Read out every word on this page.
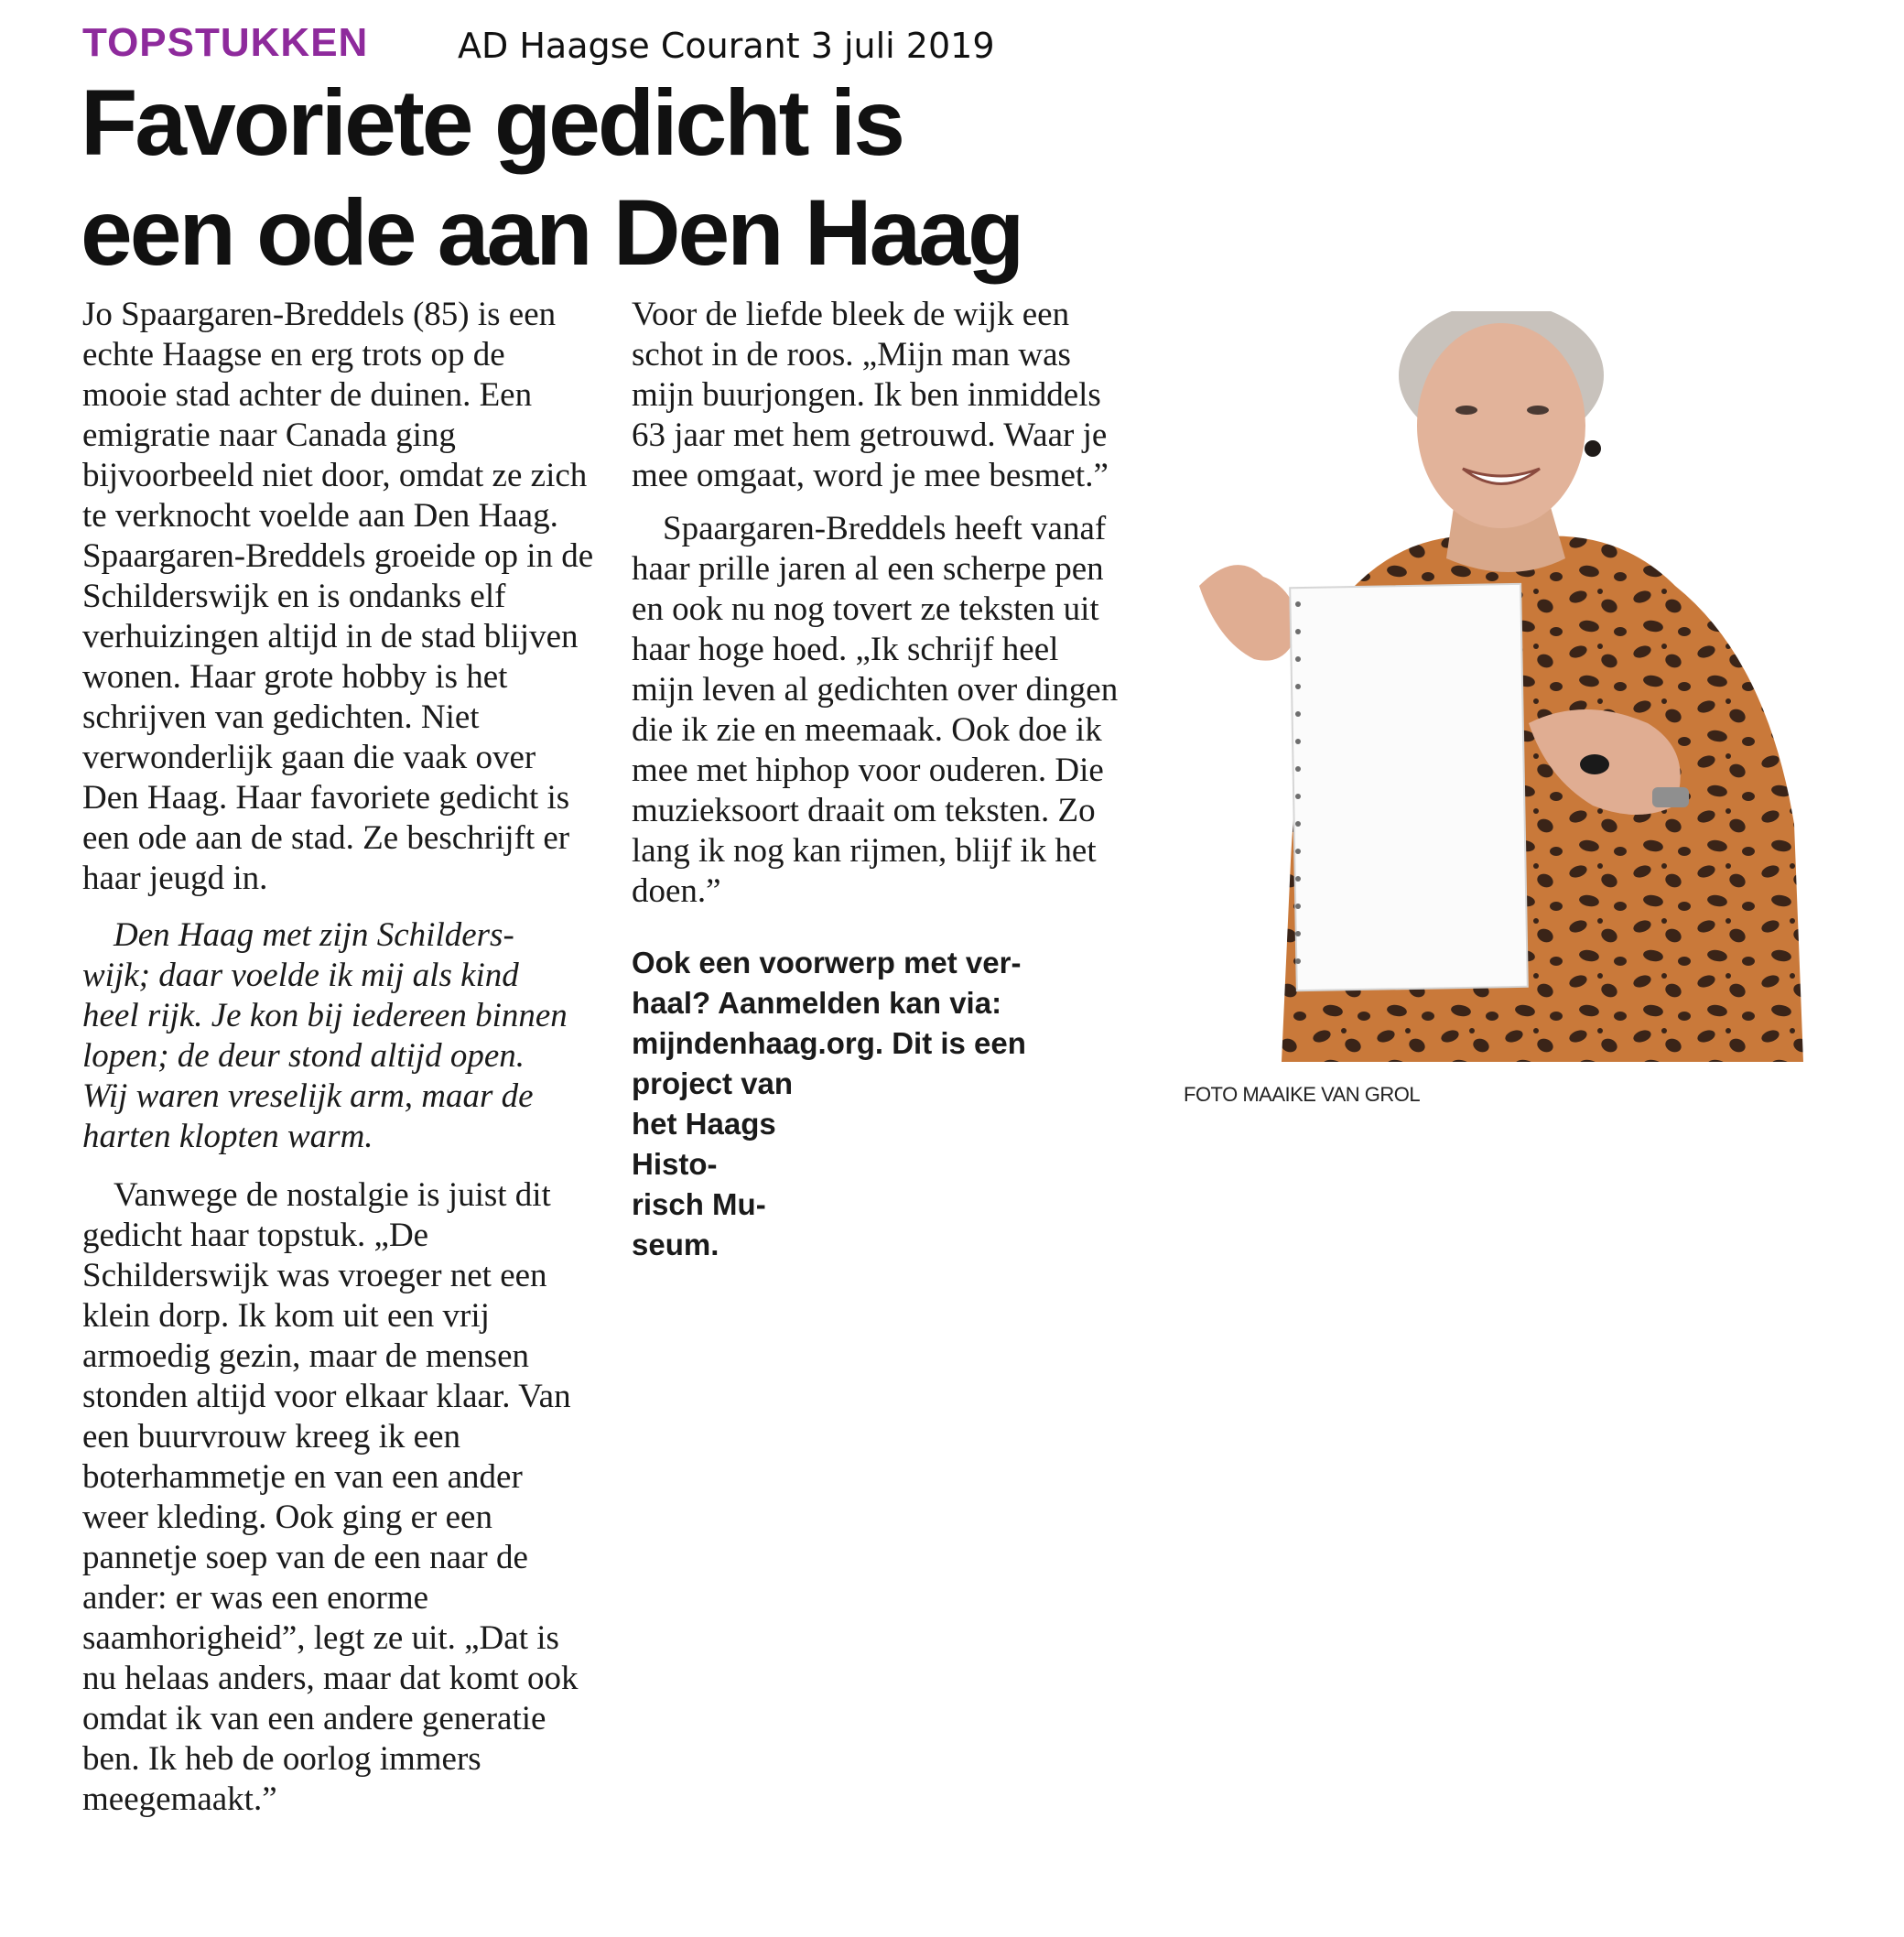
TOPSTUKKEN	AD Haagse Courant 3 juli 2019
Favoriete gedicht is
een ode aan Den Haag

Jo Spaargaren-Breddels (85) is een echte Haagse en erg trots op de mooie stad achter de duinen. Een emigratie naar Canada ging bijvoorbeeld niet door, omdat ze zich te verknocht voelde aan Den Haag. Spaargaren-Breddels groeide op in de Schilderswijk en is ondanks elf verhuizingen altijd in de stad blijven wonen. Haar grote hobby is het schrijven van gedichten. Niet verwonderlijk gaan die vaak over Den Haag. Haar favoriete gedicht is een ode aan de stad. Ze beschrijft er haar jeugd in.

Den Haag met zijn Schilders-
wijk; daar voelde ik mij als kind
heel rijk. Je kon bij iedereen binnen
lopen; de deur stond altijd open.
Wij waren vreselijk arm, maar de
harten klopten warm.

Vanwege de nostalgie is juist dit gedicht haar topstuk. „De Schilderswijk was vroeger net een klein dorp. Ik kom uit een vrij armoedig gezin, maar de mensen stonden altijd voor elkaar klaar. Van een buurvrouw kreeg ik een boterhammetje en van een ander weer kleding. Ook ging er een pannetje soep van de een naar de ander: er was een enorme saamhorigheid”, legt ze uit. „Dat is nu helaas anders, maar dat komt ook omdat ik van een andere generatie ben. Ik heb de oorlog immers meegemaakt.”

Voor de liefde bleek de wijk een schot in de roos. „Mijn man was mijn buurjongen. Ik ben inmiddels 63 jaar met hem getrouwd. Waar je mee omgaat, word je mee besmet.”

Spaargaren-Breddels heeft vanaf haar prille jaren al een scherpe pen en ook nu nog tovert ze teksten uit haar hoge hoed. „Ik schrijf heel mijn leven al gedichten over dingen die ik zie en meemaak. Ook doe ik mee met hiphop voor ouderen. Die muzieksoort draait om teksten. Zo lang ik nog kan rijmen, blijf ik het doen.”

Ook een voorwerp met ver-
haal? Aanmelden kan via:
mijndenhaag.org. Dit is een
project van
het Haags
Histo-
risch Mu-
seum.

FOTO MAAIKE VAN GROL
